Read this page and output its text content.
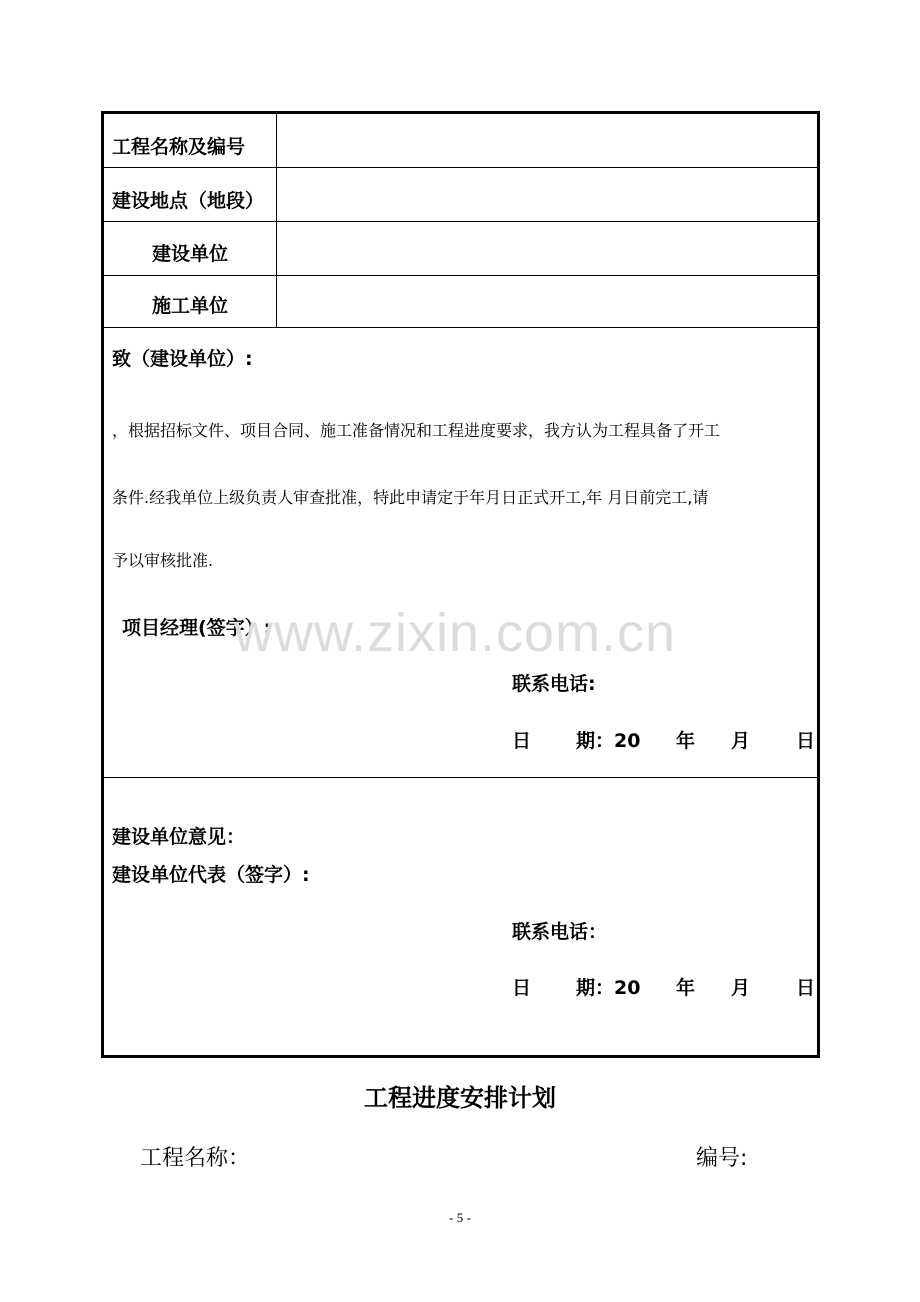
工程名称及编号
建设地点（地段）
建设单位
施工单位
致（建设单位）:
，根据招标文件、项目合同、施工准备情况和工程进度要求，我方认为工程具备了开工
条件.经我单位上级负责人审查批准，特此申请定于年月日正式开工,年 月日前完工,请
予以审核批准.
项目经理(签字）:
联系电话:
日 期：20 年 月 日
建设单位意见：
建设单位代表（签字）:
联系电话：
日 期：20 年 月 日
www.zixin.com.cn
工程进度安排计划
工程名称：	编号:
- 5 -
